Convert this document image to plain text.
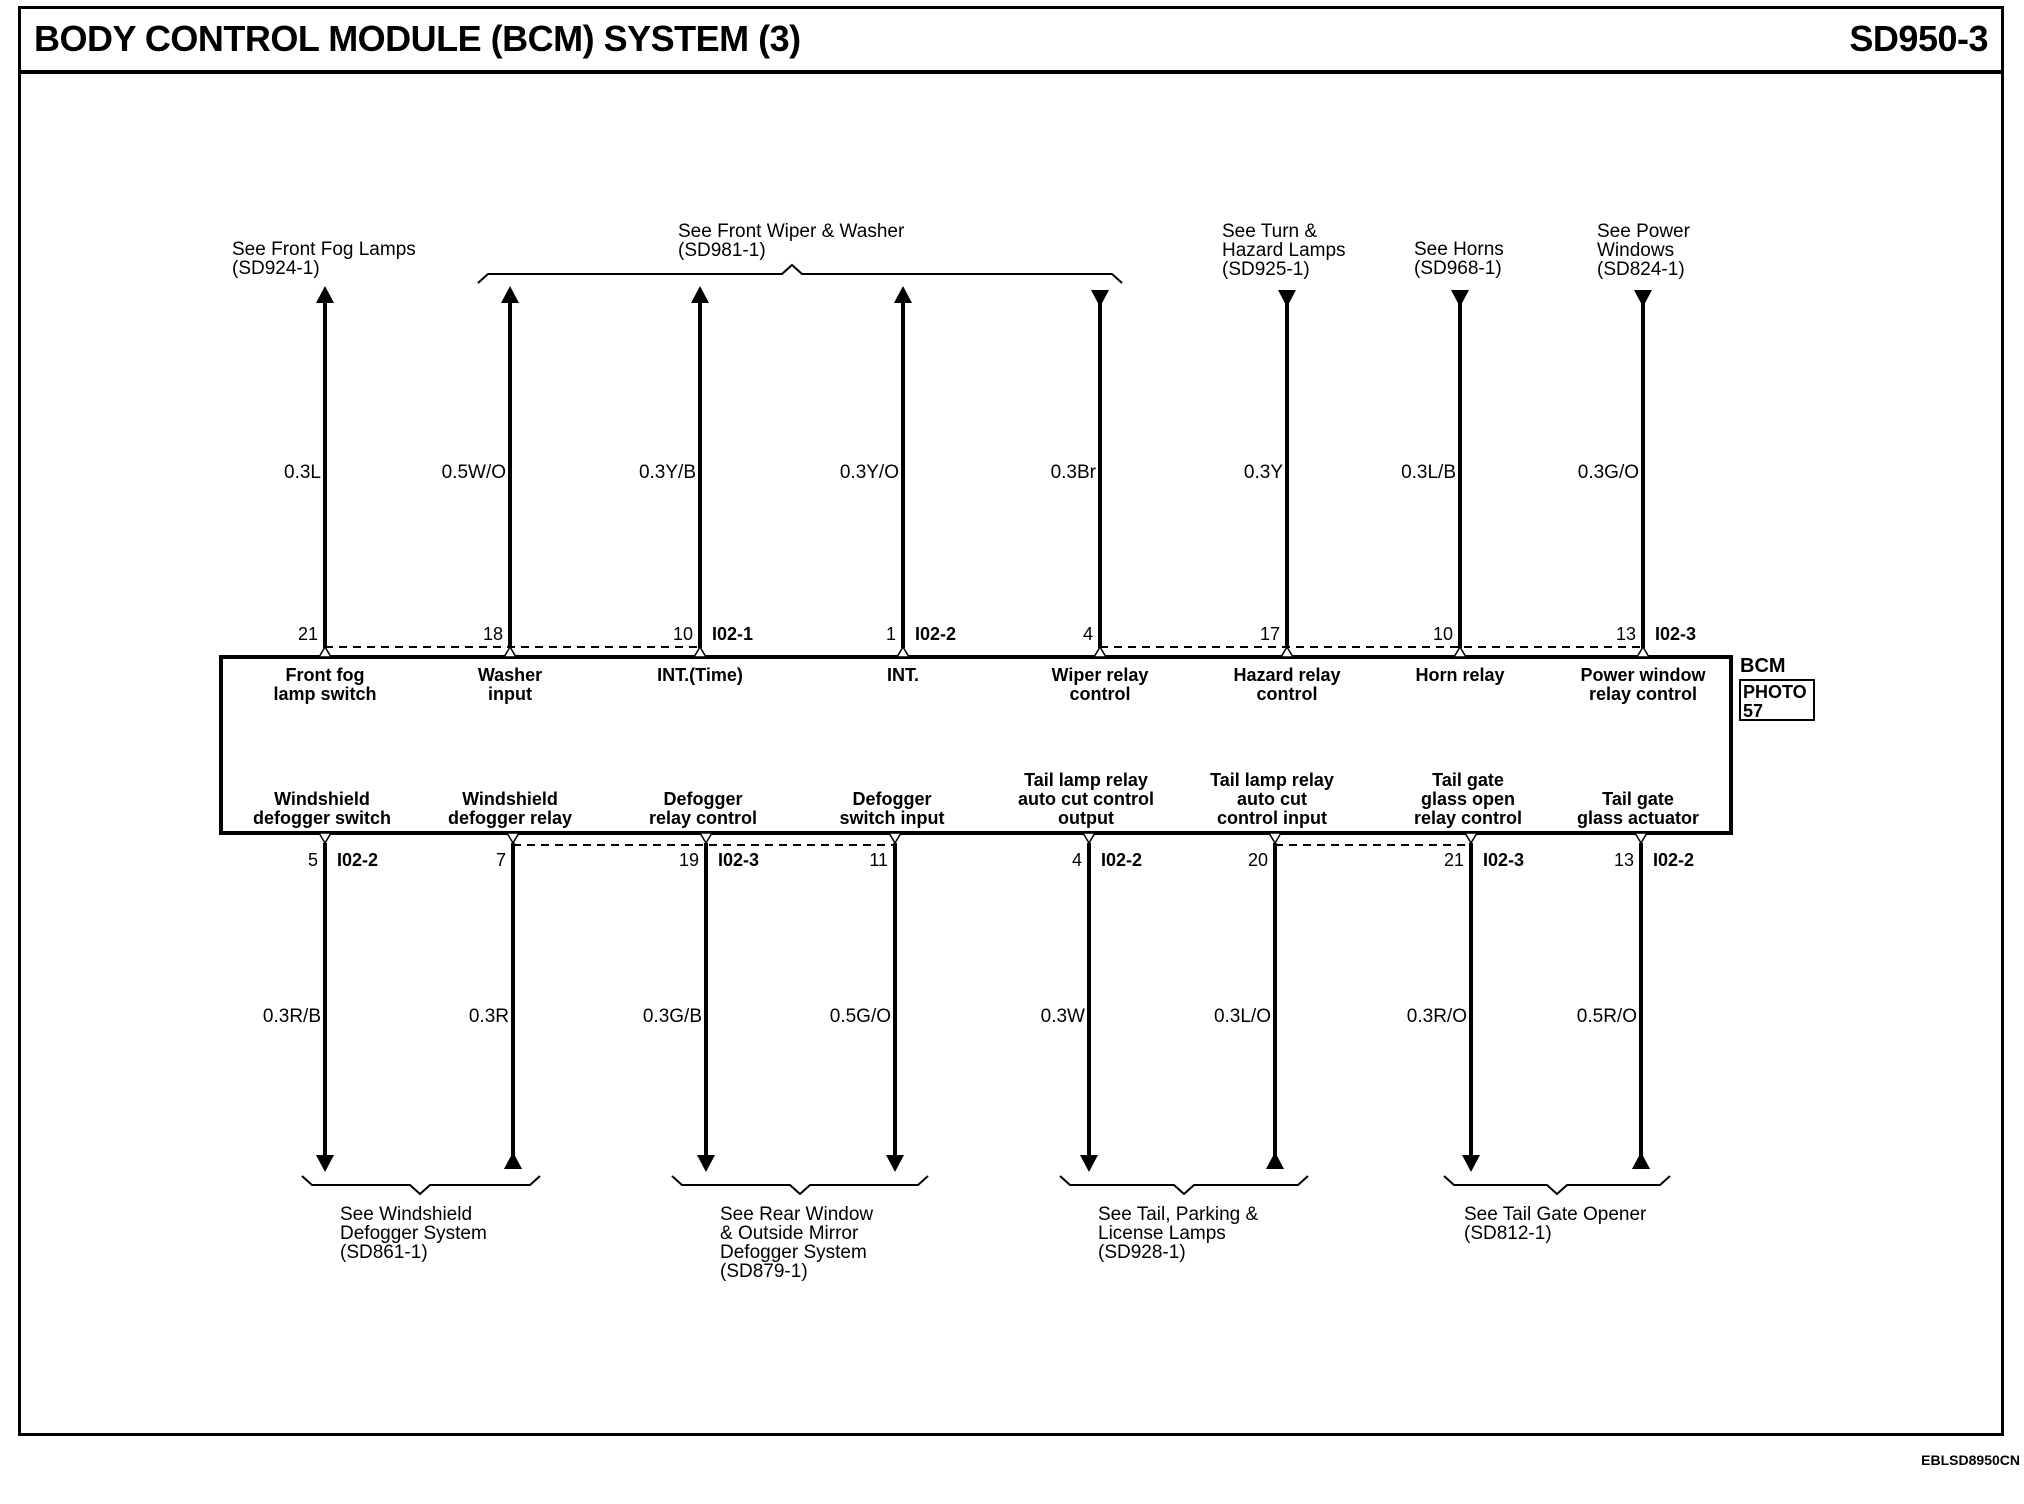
BODY CONTROL MODULE (BCM) SYSTEM (3)	SD950-3
BCM
PHOTO
57
0.3L
21
Front fog
lamp switch
0.5W/O
18
Washer
input
0.3Y/B
10 I02-1
INT.(Time)
0.3Y/O
1 I02-2
INT.
0.3Br
4
Wiper relay
control
0.3Y
17
Hazard relay
control
0.3L/B
10
Horn relay
0.3G/O
13 I02-3
Power window
relay control
0.3R/B
5 I02-2
Windshield
defogger switch
0.3R
7
Windshield
defogger relay
0.3G/B
19 I02-3
Defogger
relay control
0.5G/O
11
Defogger
switch input
0.3W
4 I02-2
Tail lamp relay
auto cut control
output
0.3L/O
20
Tail lamp relay
auto cut
control input
0.3R/O
21 I02-3
Tail gate
glass open
relay control
0.5R/O
13 I02-2
Tail gate
glass actuator
See Front Fog Lamps
(SD924-1)
See Front Wiper & Washer
(SD981-1)
See Turn &
Hazard Lamps
(SD925-1)
See Horns
(SD968-1)
See Power
Windows
(SD824-1)
See Windshield
Defogger System
(SD861-1)
See Rear Window
& Outside Mirror
Defogger System
(SD879-1)
See Tail, Parking &
License Lamps
(SD928-1)
See Tail Gate Opener
(SD812-1)
EBLSD8950CN
